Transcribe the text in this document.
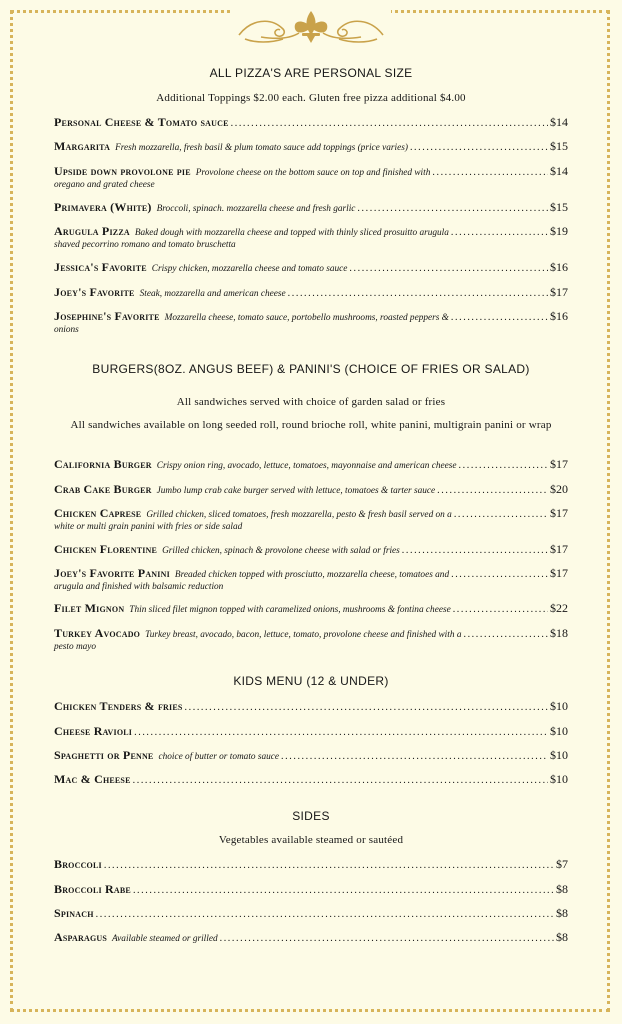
ALL PIZZA'S ARE PERSONAL SIZE
Additional Toppings $2.00 each. Gluten free pizza additional $4.00
Personal Cheese & Tomato sauce .....	$14
Margarita Fresh mozzarella, fresh basil & plum tomato sauce add toppings (price varies) .....	$15
Upside down provolone pie Provolone cheese on the bottom sauce on top and finished with .....	$14
oregano and grated cheese
Primavera (White) Broccoli, spinach. mozzarella cheese and fresh garlic .....	$15
Arugula Pizza Baked dough with mozzarella cheese and topped with thinly sliced prosuitto arugula .....	$19
shaved pecorrino romano and tomato bruschetta
Jessica's Favorite Crispy chicken, mozzarella cheese and tomato sauce .....	$16
Joey's Favorite Steak, mozzarella and american cheese .....	$17
Josephine's Favorite Mozzarella cheese, tomato sauce, portobello mushrooms, roasted peppers & .....	$16
onions
BURGERS(8OZ. ANGUS BEEF) & PANINI'S (CHOICE OF FRIES OR SALAD)
All sandwiches served with choice of garden salad or fries
All sandwiches available on long seeded roll, round brioche roll, white panini, multigrain panini or wrap
California Burger Crispy onion ring, avocado, lettuce, tomatoes, mayonnaise and american cheese .....	$17
Crab Cake Burger Jumbo lump crab cake burger served with lettuce, tomatoes & tarter sauce .....	$20
Chicken Caprese Grilled chicken, sliced tomatoes, fresh mozzarella, pesto & fresh basil served on a .....	$17
white or multi grain panini with fries or side salad
Chicken Florentine Grilled chicken, spinach & provolone cheese with salad or fries .....	$17
Joey's Favorite Panini Breaded chicken topped with prosciutto, mozzarella cheese, tomatoes and .....	$17
arugula and finished with balsamic reduction
Filet Mignon Thin sliced filet mignon topped with caramelized onions, mushrooms & fontina cheese .....	$22
Turkey Avocado Turkey breast, avocado, bacon, lettuce, tomato, provolone cheese and finished with a .....	$18
pesto mayo
KIDS MENU (12 & UNDER)
Chicken Tenders & fries .....	$10
Cheese Ravioli .....	$10
Spaghetti or Penne choice of butter or tomato sauce .....	$10
Mac & Cheese .....	$10
SIDES
Vegetables available steamed or sautéed
Broccoli .....	$7
Broccoli Rabe .....	$8
Spinach .....	$8
Asparagus Available steamed or grilled .....	$8
